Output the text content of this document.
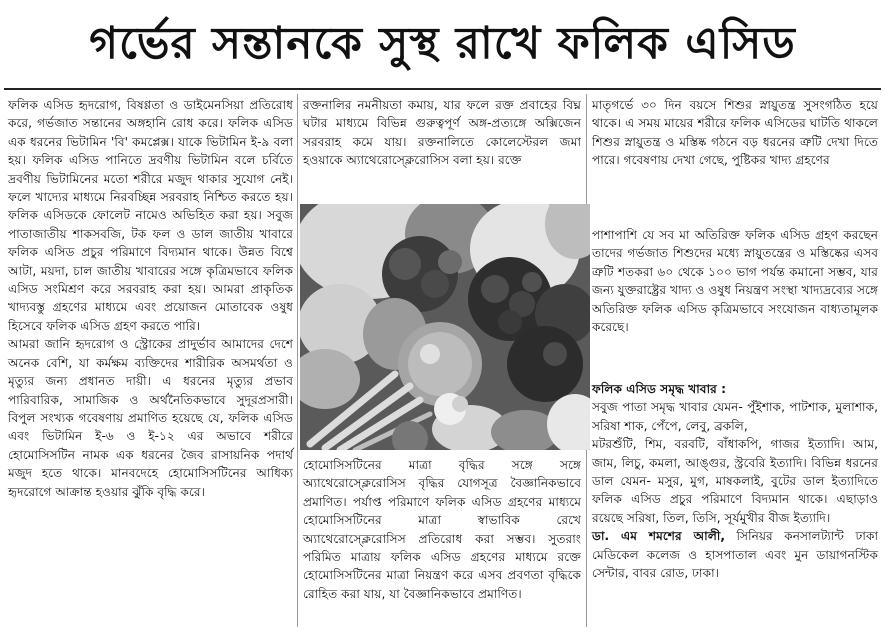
গর্ভের সন্তানকে সুস্থ রাখে ফলিক এসিড

ফলিক এসিড হৃদরোগ, বিষণ্ণতা ও ডাইমেনসিয়া প্রতিরোধ করে, গর্ভজাত সন্তানের অঙ্গহানি রোধ করে। ফলিক এসিড এক ধরনের ভিটামিন 'বি' কমপ্লেক্স। যাকে ভিটামিন ই-৯ বলা হয়। ফলিক এসিড পানিতে দ্রবণীয় ভিটামিন বলে চর্বিতে দ্রবণীয় ভিটামিনের মতো শরীরে মজুদ থাকার সুযোগ নেই। ফলে খাদ্যের মাধ্যমে নিরবচ্ছিন্ন সরবরাহ নিশ্চিত করতে হয়। ফলিক এসিডকে ফোলেট নামেও অভিহিত করা হয়। সবুজ পাতাজাতীয় শাকসবজি, টক ফল ও ডাল জাতীয় খাবারে ফলিক এসিড প্রচুর পরিমাণে বিদ্যমান থাকে। উন্নত বিশ্বে আটা, ময়দা, চাল জাতীয় খাবারের সঙ্গে কৃত্রিমভাবে ফলিক এসিড সংমিশ্রণ করে সরবরাহ করা হয়। আমরা প্রাকৃতিক খাদ্যবস্তু গ্রহণের মাধ্যমে এবং প্রয়োজন মোতাবেক ওষুধ হিসেবে ফলিক এসিড গ্রহণ করতে পারি।

আমরা জানি হৃদরোগ ও স্ট্রোকের প্রাদুর্ভাব আমাদের দেশে অনেক বেশি, যা কর্মক্ষম ব্যক্তিদের শারীরিক অসমর্থতা ও মৃত্যুর জন্য প্রধানত দায়ী। এ ধরনের মৃত্যুর প্রভাব পারিবারিক, সামাজিক ও অর্থনৈতিকভাবে সুদূরপ্রসারী। বিপুল সংখ্যক গবেষণায় প্রমাণিত হয়েছে যে, ফলিক এসিড এবং ভিটামিন ই-৬ ও ই-১২ এর অভাবে শরীরে হোমোসিসটিন নামক এক ধরনের জৈব রাসায়নিক পদার্থ মজুদ হতে থাকে। মানবদেহে হোমোসিসটিনের আধিক্য হৃদরোগে আক্রান্ত হওয়ার ঝুঁকি বৃদ্ধি করে।

রক্তনালির নমনীয়তা কমায়, যার ফলে রক্ত প্রবাহের বিঘ্ন ঘটার মাধ্যমে বিভিন্ন গুরুত্বপূর্ণ অঙ্গ-প্রত্যঙ্গে অক্সিজেন সরবরাহ কমে যায়। রক্তনালিতে কোলেস্টেরল জমা হওয়াকে অ্যাথেরোস্ক্লেরোসিস বলা হয়। রক্তে

হোমোসিসটিনের মাত্রা বৃদ্ধির সঙ্গে সঙ্গে অ্যাথেরোস্ক্লেরোসিস বৃদ্ধির যোগসূত্র বৈজ্ঞানিকভাবে প্রমাণিত। পর্যাপ্ত পরিমাণে ফলিক এসিড গ্রহণের মাধ্যমে হোমোসিসটিনের মাত্রা স্বাভাবিক রেখে অ্যাথেরোস্ক্লেরোসিস প্রতিরোধ করা সম্ভব। সুতরাং পরিমিত মাত্রায় ফলিক এসিড গ্রহণের মাধ্যমে রক্তে হোমোসিসটিনের মাত্রা নিয়ন্ত্রণ করে এসব প্রবণতা বৃদ্ধিকে রোহিত করা যায়, যা বৈজ্ঞানিকভাবে প্রমাণিত।

মাতৃগর্ভে ৩০ দিন বয়সে শিশুর স্নায়ুতন্ত্র সুসংগঠিত হয়ে থাকে। এ সময় মায়ের শরীরে ফলিক এসিডের ঘাটতি থাকলে শিশুর স্নায়ুতন্ত্র ও মস্তিষ্ক গঠনে বড় ধরনের ত্রুটি দেখা দিতে পারে। গবেষণায় দেখা গেছে, পুষ্টিকর খাদ্য গ্রহণের

পাশাপাশি যে সব মা অতিরিক্ত ফলিক এসিড গ্রহণ করছেন তাদের গর্ভজাত শিশুদের মধ্যে স্নায়ুতন্ত্রের ও মস্তিষ্কের এসব ত্রুটি শতকরা ৬০ থেকে ১০০ ভাগ পর্যন্ত কমানো সম্ভব, যার জন্য যুক্তরাষ্ট্রের খাদ্য ও ওষুধ নিয়ন্ত্রণ সংস্থা খাদ্যদ্রব্যের সঙ্গে অতিরিক্ত ফলিক এসিড কৃত্রিমভাবে সংযোজন বাধ্যতামূলক করেছে।

ফলিক এসিড সমৃদ্ধ খাবার :

সবুজ পাতা সমৃদ্ধ খাবার যেমন- পুঁইশাক, পাটশাক, মুলাশাক, সরিষা শাক, পেঁপে, লেবু, ব্রকলি,

মটরশুঁটি, শিম, বরবটি, বাঁধাকপি, গাজর ইত্যাদি। আম, জাম, লিচু, কমলা, আঙ্গুর, স্ট্রবেরি ইত্যাদি। বিভিন্ন ধরনের ডাল যেমন- মসুর, মুগ, মাষকলাই, বুটের ডাল ইত্যাদিতে ফলিক এসিড প্রচুর পরিমাণে বিদ্যমান থাকে। এছাড়াও রয়েছে সরিষা, তিল, তিসি, সূর্যমুখীর বীজ ইত্যাদি।

ডা. এম শমশের আলী, সিনিয়র কনসালট্যান্ট ঢাকা মেডিকেল কলেজ ও হাসপাতাল এবং মুন ডায়াগনস্টিক সেন্টার, বাবর রোড, ঢাকা।
